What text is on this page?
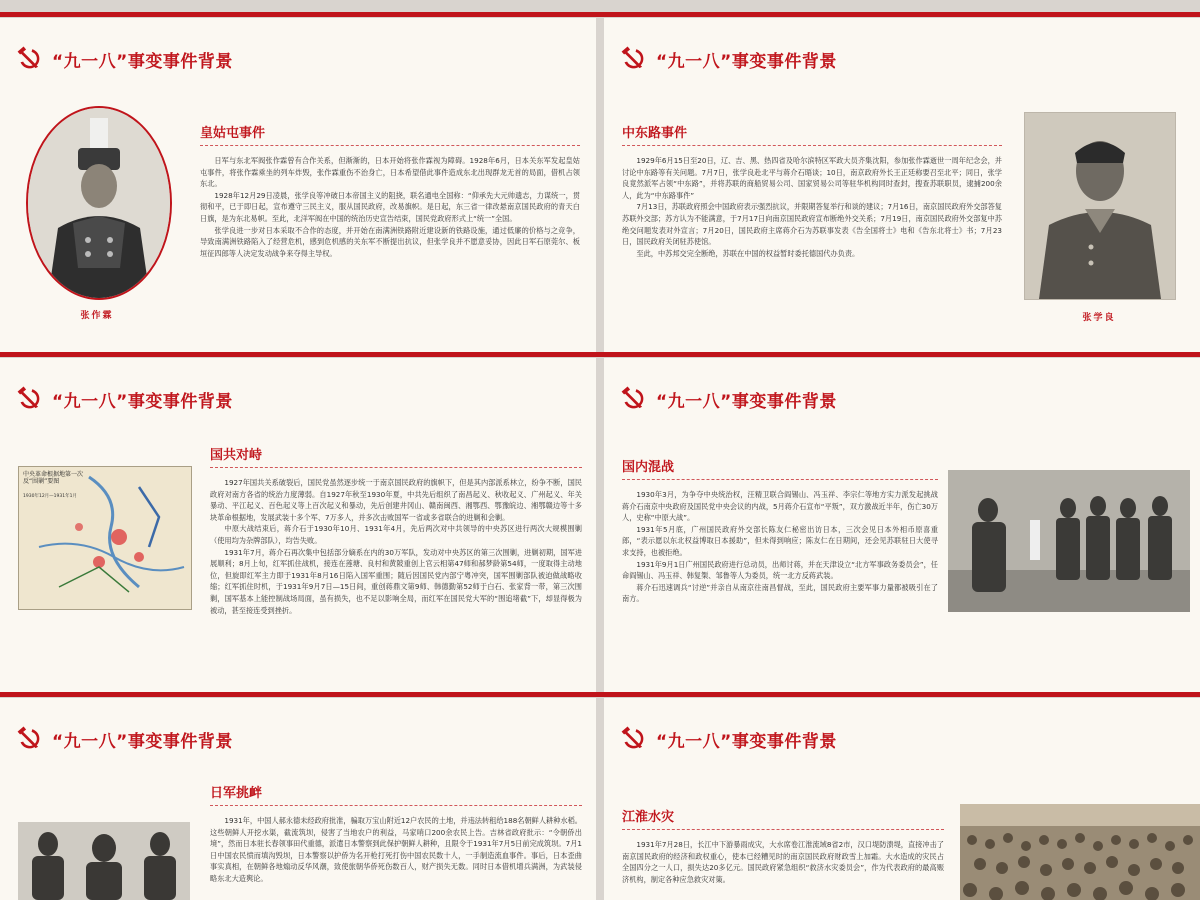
“九一八”事变事件背景
张作霖
皇姑屯事件

日军与东北军阀张作霖曾有合作关系，但渐渐的，日本开始将张作霖视为障碍。1928年6月，日本关东军发起皇姑屯事件，将张作霖乘坐的列车炸毁，张作霖重伤不治身亡，日本希望借此事件造成东北出现群龙无首的局面，借机占领东北。

1928年12月29日凌晨，张学良等冲破日本帝国主义的阻挠，联名通电全国称：“仰承先大元帅遗志，力谋统一，贯彻和平，已于即日起，宣布遵守三民主义，服从国民政府，改易旗帜。是日起，东三省一律改悬南京国民政府的青天白日旗，是为东北易帜。至此，北洋军阀在中国的统治历史宣告结束，国民党政府形式上“统一”全国。

张学良进一步对日本采取不合作的态度，并开始在南满洲铁路附近建设新的铁路设施，通过低廉的价格与之竞争，导致南满洲铁路陷入了经营危机，感到危机感的关东军不断提出抗议，但张学良并不愿意妥协，因此日军石原莞尔、板垣征四郎等人决定发动战争来夺得主导权。

“九一八”事变事件背景
中东路事件

1929年6月15日至20日，辽、吉、黑、热四省及哈尔滨特区军政大员齐集沈阳，参加张作霖逝世一周年纪念会，并讨论中东路等有关问题。7月7日，张学良赴北平与蒋介石晤谈；10日，南京政府外长王正廷称要召至北平；同日，张学良竟然派军占领“中东路”，并将苏联的商船贸易公司、国家贸易公司等驻华机构同时查封，搜查苏联职员，逮捕200余人，此为“中东路事件”

7月13日，苏联政府照会中国政府表示强烈抗议，并限期答复举行和谈的建议；7月16日，南京国民政府外交部答复苏联外交部；苏方认为不能满意，于7月17日向南京国民政府宣布断绝外交关系；7月19日，南京国民政府外交部复中苏绝交问题发表对外宣言；7月20日，国民政府主席蒋介石为苏联事发表《告全国将士》电和《告东北将士》书；7月23日，国民政府关闭驻苏使馆。

至此，中苏邦交完全断绝，苏联在中国的权益暂时委托德国代办负责。

张学良
“九一八”事变事件背景
中央革命根据地第一次反“围剿”要图
1930年12月—1931年1月
国共对峙

1927年国共关系破裂后，国民党虽然逐步统一于南京国民政府的旗帜下，但是其内部派系林立，纷争不断，国民政府对南方各省的统治力度薄弱。自1927年秋至1930年夏，中共先后组织了南昌起义、秋收起义、广州起义、年关暴动、平江起义、百色起义等上百次起义和暴动，先后创建井冈山、赣南闽西、湘鄂西、鄂豫皖边、湘鄂赣边等十多块革命根据地，发展武装十多个军、7万多人，并多次击败国军一省或多省联合的进剿和会剿。

中原大战结束后，蒋介石于1930年10月、1931年4月，先后两次对中共领导的中央苏区进行两次大规模围剿（使用均为杂牌部队），均告失败。

1931年7月，蒋介石再次集中包括部分嫡系在内的30万军队，发动对中央苏区的第三次围剿，进剿初期，国军进展顺利；8月上旬，红军抓住战机，接连在莲塘、良村和黄陂重创上官云相第47师和郝梦龄第54师，一度取得主动地位，但旋即红军主力即于1931年8月16日陷入国军重围；随后因国民党内部宁粤冲突，国军围剿部队被迫做战略收缩；红军抓住时机，于1931年9月7日—15日间，重创蒋鼎文第9师、韩德勤第52师于白石、张家背一带，第三次围剿，国军基本上能控制战场局面，虽有损失，也不足以影响全局，而红军在国民党大军的“围追堵截”下，却显得极为被动，甚至接连受到挫折。

“九一八”事变事件背景
国内混战

1930年3月，为争夺中央统治权，汪精卫联合阎锡山、冯玉祥、李宗仁等地方实力派发起挑战蒋介石南京中央政府及国民党中央会议的内战，5月蒋介石宣布“平叛”，双方激战近半年，伤亡30万人，史称“中原大战”。

1931年5月底，广州国民政府外交部长陈友仁秘密出访日本，三次会见日本外相币原喜重郎，“表示愿以东北权益博取日本援助”，但未得到响应；陈友仁在日期间，还会见苏联驻日大使寻求支持，也被拒绝。

1931年9月1日广州国民政府进行总动员，出师讨蒋，并在天津设立“北方军事政务委员会”，任命阎锡山、冯玉祥、韩复榘、邹鲁等人为委员，统一北方反蒋武装。

蒋介石迅速调兵“讨逆”并亲自从南京往南昌督战，至此，国民政府主要军事力量都被吸引在了南方。

“九一八”事变事件背景
日军挑衅

1931年，中国人郝永德未经政府批准，骗取万宝山附近12户农民的土地，并违法转租给188名朝鲜人耕种水稻。这些朝鲜人开挖水渠，截流筑坝，侵害了当地农户的利益，马家哨口200余农民上告。吉林省政府批示：“令朝侨出境”，然而日本驻长春领事田代重德，派遣日本警察到此保护朝鲜人耕种，且限令于1931年7月5日前完成筑坝。7月1日中国农民愤而填沟毁坝，日本警察以护侨为名开枪打死打伤中国农民数十人，一手制造流血事件。事后，日本歪曲事实真相，在朝鲜各地煽动反华风潮，致使旅朝华侨死伤数百人，财产损失无数。同时日本借机增兵满洲，为武装侵略东北大造舆论。

“九一八”事变事件背景
江淮水灾

1931年7月28日，长江中下游暴雨成灾，大水席卷江淮流域8省2市，汉口堤防溃堤，直接冲击了南京国民政府的经济和政权重心，使本已经糟见时的南京国民政府财政雪上加霜。大水造成的灾民占全国四分之一人口，损失达20多亿元。国民政府紧急组织“救济水灾委员会”，作为代表政府的最高赈济机构，制定各种应急救灾对策。
